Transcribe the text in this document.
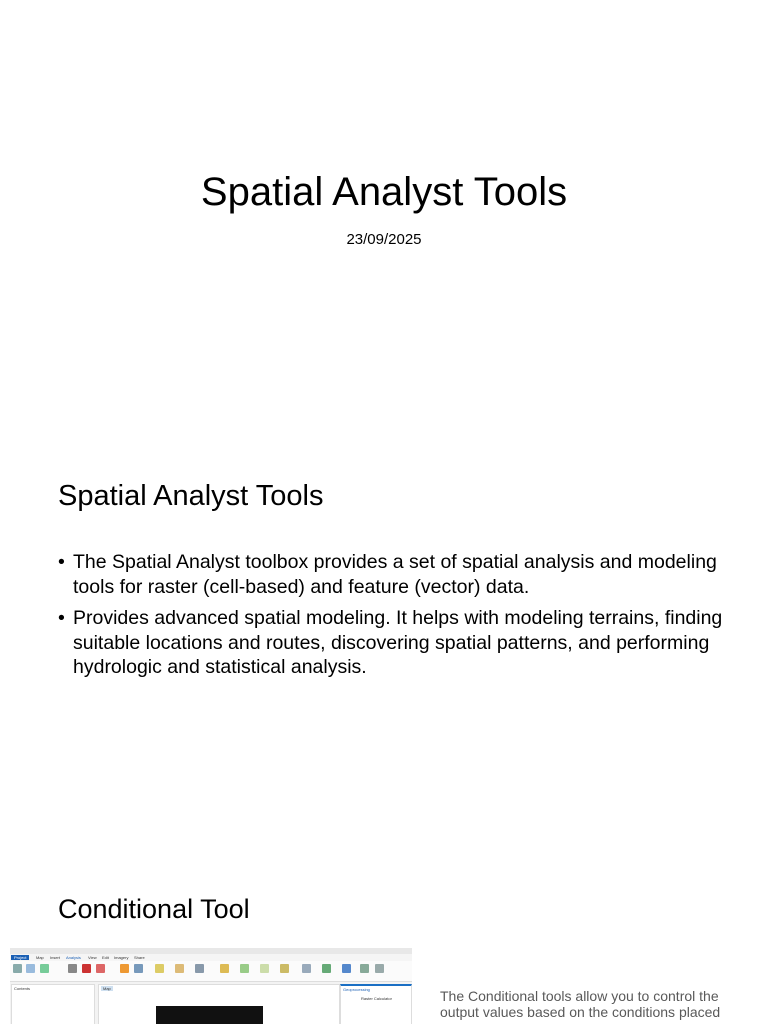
Spatial Analyst Tools
23/09/2025
Spatial Analyst Tools
• The Spatial Analyst toolbox provides a set of spatial analysis and modeling tools for raster (cell-based) and feature (vector) data.
• Provides advanced spatial modeling. It helps with modeling terrains, finding suitable locations and routes, discovering spatial patterns, and performing hydrologic and statistical analysis.
Conditional Tool
Project	Map Insert Analysis View Edit Imagery Share
Contents	Map	Geoprocessing
Raster Calculator	The Conditional tools allow you to control the output values based on the conditions placed
